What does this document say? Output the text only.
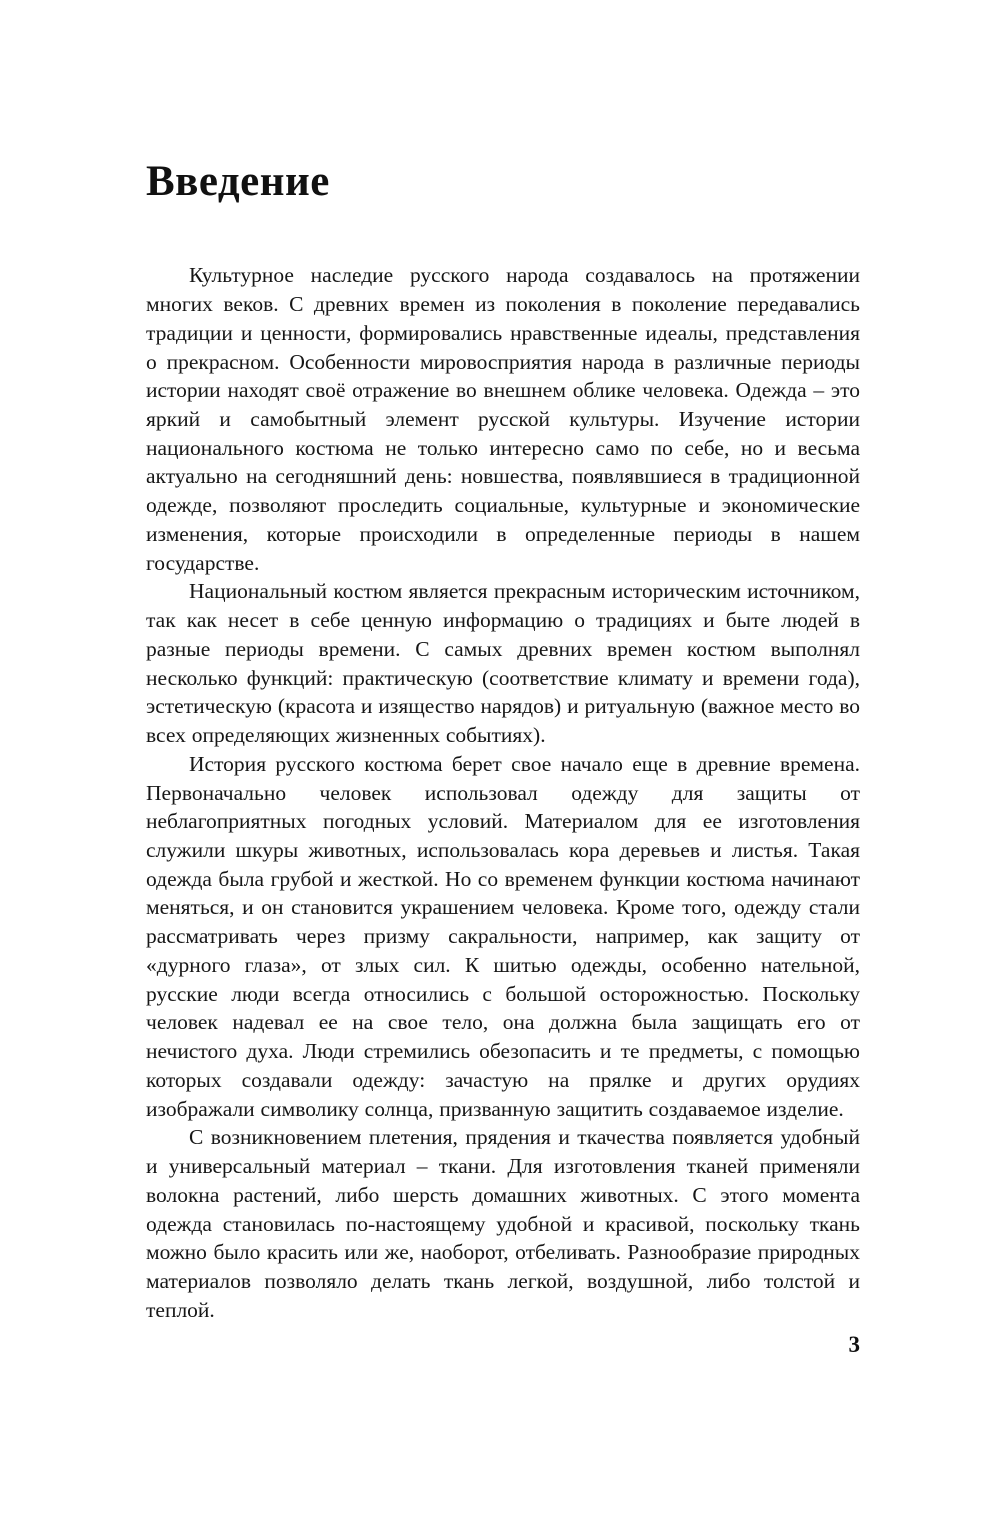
Введение

Культурное наследие русского народа создавалось на протяжении многих веков. С древних времен из поколения в поколение передавались традиции и ценности, формировались нравственные идеалы, представления о прекрасном. Особенности мировосприятия народа в различные периоды истории находят своё отражение во внешнем облике человека. Одежда – это яркий и самобытный элемент русской культуры. Изучение истории национального костюма не только интересно само по себе, но и весьма актуально на сегодняшний день: новшества, появлявшиеся в традиционной одежде, позволяют проследить социальные, культурные и экономические изменения, которые происходили в определенные периоды в нашем государстве.

Национальный костюм является прекрасным историческим источником, так как несет в себе ценную информацию о традициях и быте людей в разные периоды времени. С самых древних времен костюм выполнял несколько функций: практическую (соответствие климату и времени года), эстетическую (красота и изящество нарядов) и ритуальную (важное место во всех определяющих жизненных событиях).

История русского костюма берет свое начало еще в древние времена. Первоначально человек использовал одежду для защиты от неблагоприятных погодных условий. Материалом для ее изготовления служили шкуры животных, использовалась кора деревьев и листья. Такая одежда была грубой и жесткой. Но со временем функции костюма начинают меняться, и он становится украшением человека. Кроме того, одежду стали рассматривать через призму сакральности, например, как защиту от «дурного глаза», от злых сил. К шитью одежды, особенно нательной, русские люди всегда относились с большой осторожностью. Поскольку человек надевал ее на свое тело, она должна была защищать его от нечистого духа. Люди стремились обезопасить и те предметы, с помощью которых создавали одежду: зачастую на прялке и других орудиях изображали символику солнца, призванную защитить создаваемое изделие.

С возникновением плетения, прядения и ткачества появляется удобный и универсальный материал – ткани. Для изготовления тканей применяли волокна растений, либо шерсть домашних животных. С этого момента одежда становилась по-настоящему удобной и красивой, поскольку ткань можно было красить или же, наоборот, отбеливать. Разнообразие природных материалов позволяло делать ткань легкой, воздушной, либо толстой и теплой.

3
